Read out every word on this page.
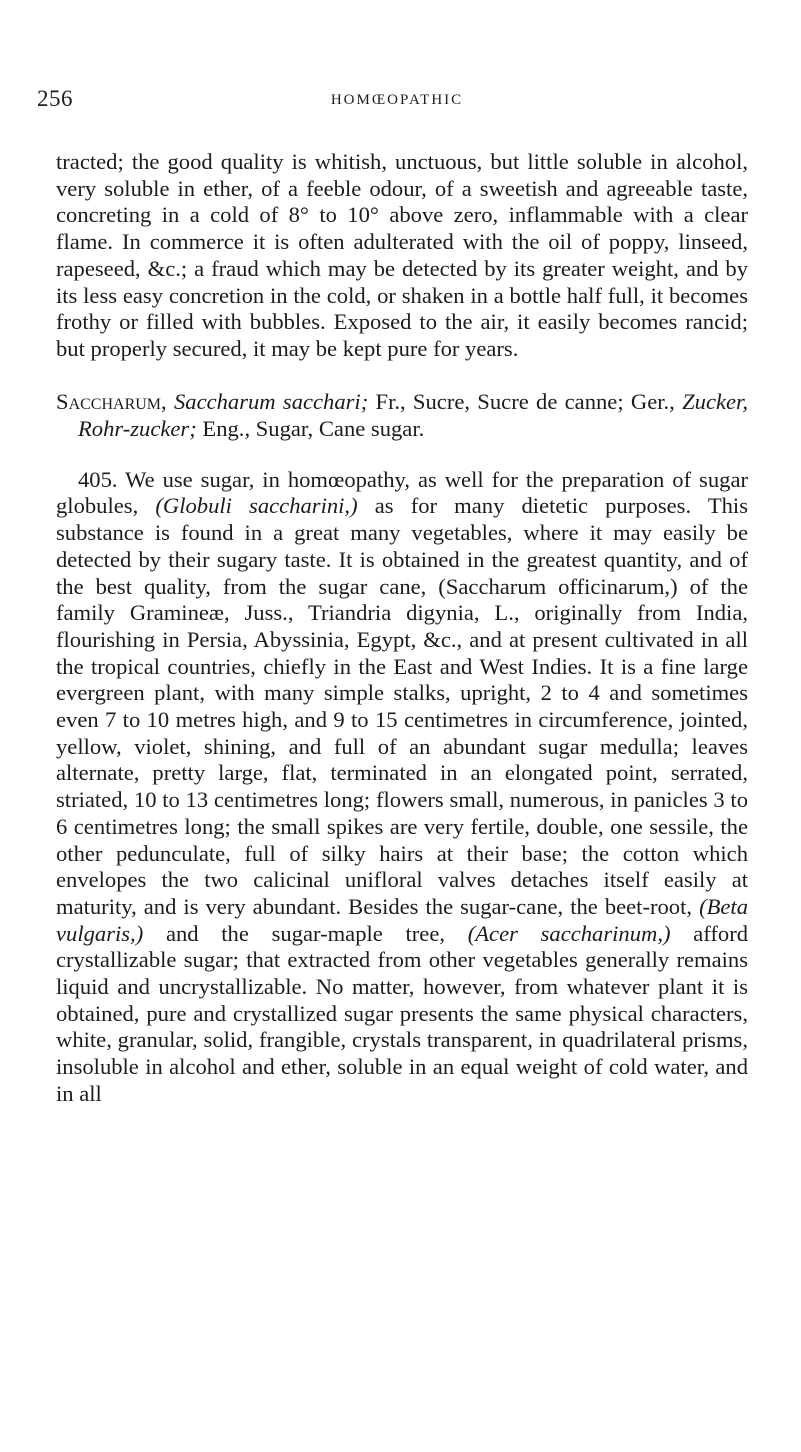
256	HOMŒOPATHIC

tracted; the good quality is whitish, unctuous, but little soluble in alcohol, very soluble in ether, of a feeble odour, of a sweetish and agreeable taste, concreting in a cold of 8° to 10° above zero, inflammable with a clear flame. In commerce it is often adulterated with the oil of poppy, linseed, rapeseed, &c.; a fraud which may be detected by its greater weight, and by its less easy concretion in the cold, or shaken in a bottle half full, it becomes frothy or filled with bubbles. Exposed to the air, it easily becomes rancid; but properly secured, it may be kept pure for years.

Saccharum, Saccharum sacchari; Fr., Sucre, Sucre de canne; Ger., Zucker, Rohr-zucker; Eng., Sugar, Cane sugar.

405. We use sugar, in homœopathy, as well for the preparation of sugar globules, (Globuli saccharini,) as for many dietetic purposes. This substance is found in a great many vegetables, where it may easily be detected by their sugary taste. It is obtained in the greatest quantity, and of the best quality, from the sugar cane, (Saccharum officinarum,) of the family Gramineæ, Juss., Triandria digynia, L., originally from India, flourishing in Persia, Abyssinia, Egypt, &c., and at present cultivated in all the tropical countries, chiefly in the East and West Indies. It is a fine large evergreen plant, with many simple stalks, upright, 2 to 4 and sometimes even 7 to 10 metres high, and 9 to 15 centimetres in circumference, jointed, yellow, violet, shining, and full of an abundant sugar medulla; leaves alternate, pretty large, flat, terminated in an elongated point, serrated, striated, 10 to 13 centimetres long; flowers small, numerous, in panicles 3 to 6 centimetres long; the small spikes are very fertile, double, one sessile, the other pedunculate, full of silky hairs at their base; the cotton which envelopes the two calicinal unifloral valves detaches itself easily at maturity, and is very abundant. Besides the sugar-cane, the beet-root, (Beta vulgaris,) and the sugar-maple tree, (Acer saccharinum,) afford crystallizable sugar; that extracted from other vegetables generally remains liquid and uncrystallizable. No matter, however, from whatever plant it is obtained, pure and crystallized sugar presents the same physical characters, white, granular, solid, frangible, crystals transparent, in quadrilateral prisms, insoluble in alcohol and ether, soluble in an equal weight of cold water, and in all
